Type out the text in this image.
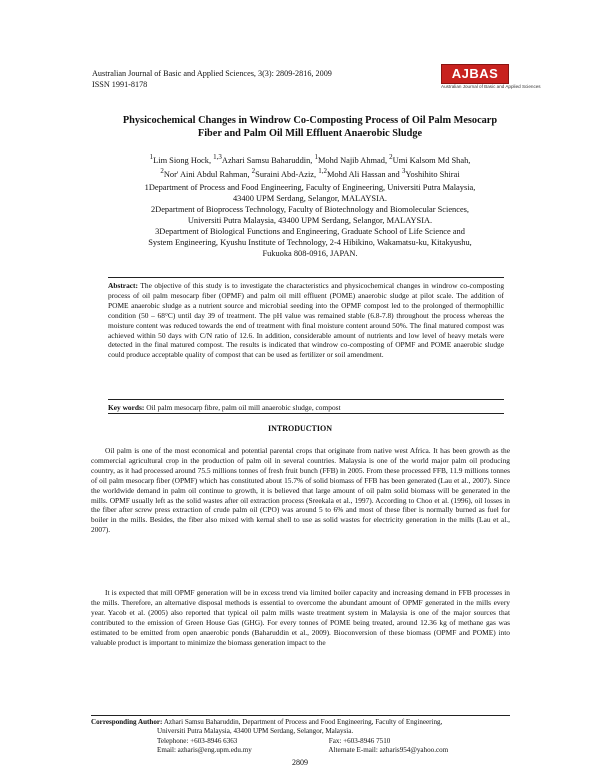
Australian Journal of Basic and Applied Sciences, 3(3): 2809-2816, 2009
ISSN 1991-8178
AJBAS
Australian Journal of Basic and Applied Sciences
Physicochemical Changes in Windrow Co-Composting Process of Oil Palm Mesocarp
Fiber and Palm Oil Mill Effluent Anaerobic Sludge
$^1$Lim Siong Hock, $^{1,3}$Azhari Samsu Baharuddin, $^1$Mohd Najib Ahmad, $^2$Umi Kalsom Md Shah,
$^2$Nor' Aini Abdul Rahman, $^2$Suraini Abd-Aziz, $^{1,2}$Mohd Ali Hassan and $^3$Yoshihito Shirai
1Department of Process and Food Engineering, Faculty of Engineering, Universiti Putra Malaysia,
43400 UPM Serdang, Selangor, MALAYSIA.
2Department of Bioprocess Technology, Faculty of Biotechnology and Biomolecular Sciences,
Universiti Putra Malaysia, 43400 UPM Serdang, Selangor, MALAYSIA.
3Department of Biological Functions and Engineering, Graduate School of Life Science and
System Engineering, Kyushu Institute of Technology, 2-4 Hibikino, Wakamatsu-ku, Kitakyushu,
Fukuoka 808-0916, JAPAN.
Abstract: The objective of this study is to investigate the characteristics and physicochemical changes in windrow co-composting process of oil palm mesocarp fiber (OPMF) and palm oil mill effluent (POME) anaerobic sludge at pilot scale. The addition of POME anaerobic sludge as a nutrient source and microbial seeding into the OPMF compost led to the prolonged of thermophillic condition (50 – 68°C) until day 39 of treatment. The pH value was remained stable (6.8-7.8) throughout the process whereas the moisture content was reduced towards the end of treatment with final moisture content around 50%. The final matured compost was achieved within 50 days with C/N ratio of 12.6. In addition, considerable amount of nutrients and low level of heavy metals were detected in the final matured compost. The results is indicated that windrow co-composting of OPMF and POME anaerobic sludge could produce acceptable quality of compost that can be used as fertilizer or soil amendment.
Key words: Oil palm mesocarp fibre, palm oil mill anaerobic sludge, compost
INTRODUCTION

Oil palm is one of the most economical and potential parental crops that originate from native west Africa. It has been growth as the commercial agricultural crop in the production of palm oil in several countries. Malaysia is one of the world major palm oil producing country, as it had processed around 75.5 millions tonnes of fresh fruit bunch (FFB) in 2005. From these processed FFB, 11.9 millions tonnes of oil palm mesocarp fiber (OPMF) which has constituted about 15.7% of solid biomass of FFB has been generated (Lau et al., 2007). Since the worldwide demand in palm oil continue to growth, it is believed that large amount of oil palm solid biomass will be generated in the mills. OPMF usually left as the solid wastes after oil extraction process (Sreekala et al., 1997). According to Choo et al. (1996), oil losses in the fiber after screw press extraction of crude palm oil (CPO) was around 5 to 6% and most of these fiber is normally burned as fuel for boiler in the mills. Besides, the fiber also mixed with kernal shell to use as solid wastes for electricity generation in the mills (Lau et al., 2007).

It is expected that mill OPMF generation will be in excess trend via limited boiler capacity and increasing demand in FFB processes in the mills. Therefore, an alternative disposal methods is essential to overcome the abundant amount of OPMF generated in the mills every year. Yacob et al. (2005) also reported that typical oil palm mills waste treatment system in Malaysia is one of the major sources that contributed to the emission of Green House Gas (GHG). For every tonnes of POME being treated, around 12.36 kg of methane gas was estimated to be emitted from open anaerobic ponds (Baharuddin et al., 2009). Bioconversion of these biomass (OPMF and POME) into valuable product is important to minimize the biomass generation impact to the

Corresponding Author: Azhari Samsu Baharuddin, Department of Process and Food Engineering, Faculty of Engineering,
Universiti Putra Malaysia, 43400 UPM Serdang, Selangor, Malaysia.
Telephone: +603-8946 6363	Fax: +603-8946 7510
Email: azharis@eng.upm.edu.my	Alternate E-mail: azharis954@yahoo.com
2809
